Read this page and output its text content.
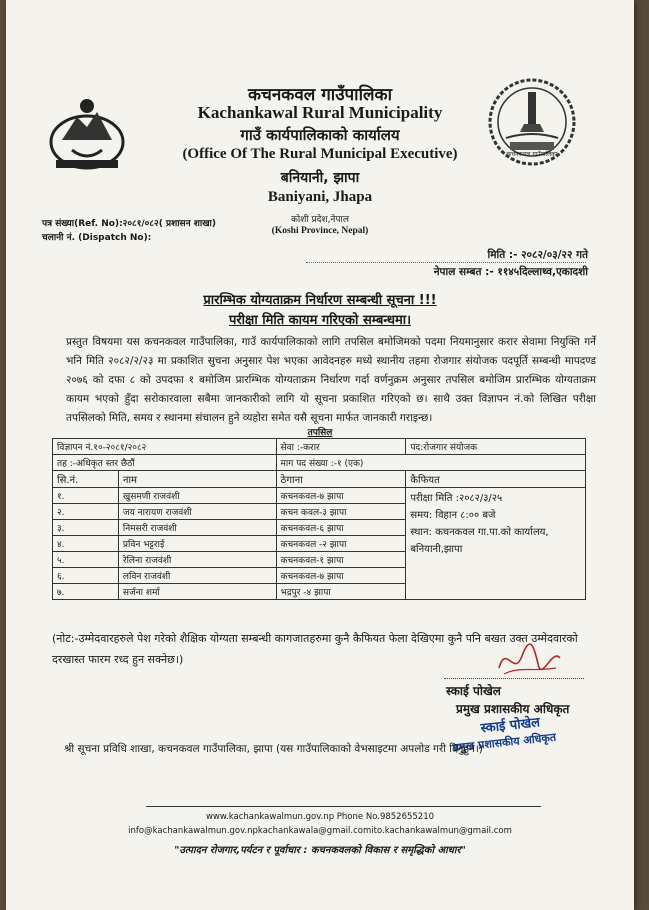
कचनकवल गाउँपालिका
कचनकवल गाउँपालिका
Kachankawal Rural Municipality
गाउँ कार्यपालिकाको कार्यालय
(Office Of The Rural Municipal Executive)
बनियानी, झापा
Baniyani, Jhapa
कोशी प्रदेश,नेपाल
(Koshi Province, Nepal)
पत्र संख्या(Ref. No):२०८१/०८२( प्रशासन शाखा)
चलानी नं. (Dispatch No):
मिति :- २०८२/०३/२२ गते
नेपाल सम्बत :- ११४५दिल्लाथ्व,एकादशी
प्रारम्भिक योग्यताक्रम निर्धारण सम्बन्धी सूचना !!!
परीक्षा मिति कायम गरिएको सम्बन्धमा।
प्रस्तुत विषयमा यस कचनकवल गाउँपालिका, गाउँ कार्यपालिकाको लागि तपसिल बमोजिमको पदमा नियमानुसार करार सेवामा नियुक्ति गर्ने भनि मिति २०८२/२/२३ मा प्रकाशित सुचना अनुसार पेश भएका आवेदनहरु मध्ये स्थानीय तहमा रोजगार संयोजक पदपूर्ति सम्बन्धी मापदण्ड २०७६ को दफा ८ को उपदफा १ बमोजिम प्रारम्भिक योग्यताक्रम निर्धारण गर्दा वर्णनुक्रम अनुसार तपसिल बमोजिम प्रारम्भिक योग्यताक्रम कायम भएको हुँदा सरोकारवाला सबैमा जानकारीको लागि यो सूचना प्रकाशित गरिएको छ। साथै उक्त विज्ञापन नं.को लिखित परीक्षा तपसिलको मिति, समय र स्थानमा संचालन हुने व्यहोरा समेत यसै सूचना मार्फत जानकारी गराइन्छ।
तपसिल
विज्ञापन नं.१०-२०८१/२०८२		सेवा :-करार	पद:रोजगार संयोजक
तह :-अधिकृत स्तर छैठौं		माग पद संख्या :-१ (एक)	
सि.नं.	नाम	ठेगाना	कैफियत
१.	खुसमणी राजवंशी	कचनकवल-७ झापा	परीक्षा मिति :२०८२/३/२५
समय: विहान ८:०० बजे
स्थान: कचनकवल गा.पा.को कार्यालय, बनियानी,झापा

२.	जय नारायण राजवंशी	कचन कवल-३ झापा	
३.	निमसरी राजवंशी	कचनकवल-६ झापा	
४.	प्रविन भट्टराई	कचनकवल -२ झापा	
५.	रेलिना राजवंशी	कचनकवल-१ झापा	
६.	लविन राजवंशी	कचनकवल-७ झापा	
७.	सर्जना शर्मा	भद्रपुर -४ झापा	
(नोट:-उम्मेदवारहरुले पेश गरेको शैक्षिक योग्यता सम्बन्धी कागजातहरुमा कुनै कैफियत फेला देखिएमा कुनै पनि बखत उक्त उम्मेदवारको दरखास्त फारम रध्द हुन सक्नेछ।)
स्काई पोखेल
प्रमुख प्रशासकीय अधिकृत
स्काई पोखेल
प्रमुख प्रशासकीय अधिकृत
श्री सूचना प्रविधि शाखा, कचनकवल गाउँपालिका, झापा (यस गाउँपालिकाको वेभसाइटमा अपलोड गरी दिनुहुन।)
www.kachankawalmun.gov.np Phone No.9852655210
info@kachankawalmun.gov.npkachankawala@gmail.comito.kachankawalmun@gmail.com
"उत्पादन रोजगार,पर्यटन र पूर्वाधार : कचनकवलको विकास र समृद्धिको आधार"
